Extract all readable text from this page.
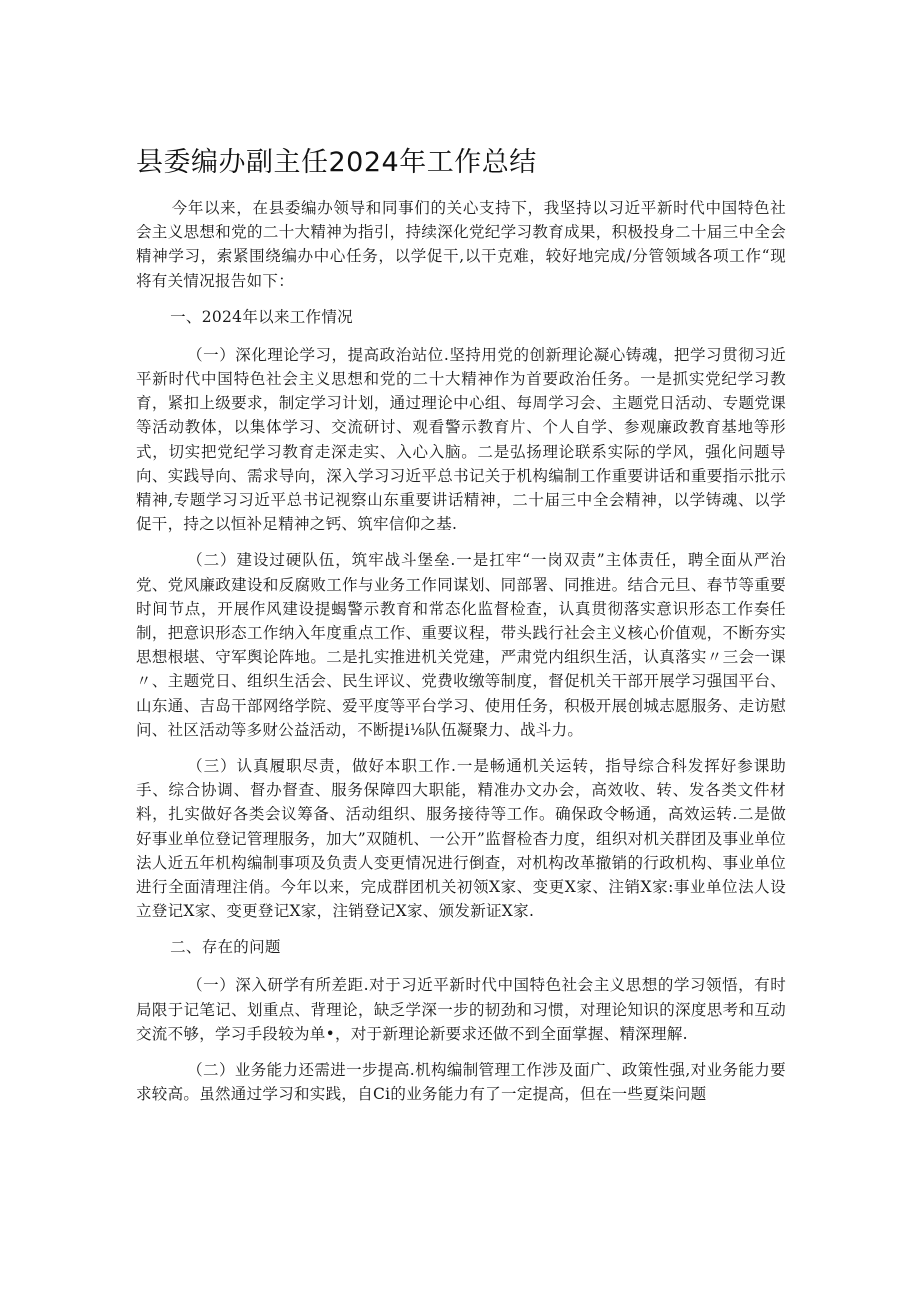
县委编办副主任2024年工作总结

今年以来，在县委编办领导和同事们的关心支持下，我坚持以习近平新时代中国特色社会主义思想和党的二十大精神为指引，持续深化党纪学习教育成果，积极投身二十届三中全会精神学习，索紧围绕编办中心任务，以学促干,以干克难，较好地完成/分管领域各项工作“现将有关情况报告如下：

一、2024年以来工作情况

（一）深化理论学习，提高政治站位.坚持用党的创新理论凝心铸魂，把学习贯彻习近平新时代中国特色社会主义思想和党的二十大精神作为首要政治任务。一是抓实党纪学习教育，紧扣上级要求，制定学习计划，通过理论中心组、每周学习会、主题党日活动、专题党课等活动教体，以集体学习、交流研讨、观看警示教育片、个人自学、参观廉政教育基地等形式，切实把党纪学习教育走深走实、入心入脑。二是弘扬理论联系实际的学风，强化问题导向、实践导向、需求导向，深入学习习近平总书记关于机构编制工作重要讲话和重要指示批示精神,专题学习习近平总书记视察山东重要讲话精神，二十届三中全会精神，以学铸魂、以学促干，持之以恒补足精神之钙、筑牢信仰之基.

（二）建设过硬队伍，筑牢战斗堡垒.一是扛牢“一岗双责”主体责任，聘全面从严治党、党风廉政建设和反腐败工作与业务工作同谋划、同部署、同推进。结合元旦、春节等重要时间节点，开展作风建设提蝎警示教育和常态化监督检查，认真贯彻落实意识形态工作奏任制，把意识形态工作纳入年度重点工作、重要议程，带头践行社会主义核心价值观，不断夯实思想根堪、守军舆论阵地。二是扎实推进机关党建，严肃党内组织生活，认真落实〃三会一课〃、主题党日、组织生活会、民生评议、党费收缴等制度，督促机关干部开展学习强国平台、山东通、吉岛干部网络学院、爱平度等平台学习、使用任务，积极开展创城志愿服务、走访慰问、社区活动等多财公益活动，不断提i⅛队伍凝聚力、战斗力。

（三）认真履职尽责，做好本职工作.一是畅通机关运转，指导综合科发挥好参课助手、综合协调、督办督查、服务保障四大职能，精准办文办会，高效收、转、发各类文件材料，扎实做好各类会议筹备、活动组织、服务接待等工作。确保政令畅通，高效运转.二是做好事业单位登记管理服务，加大”双随机、一公开”监督检杳力度，组织对机关群团及事业单位法人近五年机构编制事项及负责人变更情况进行倒查，对机构改革撤销的行政机构、事业单位进行全面清理注俏。今年以来，完成群团机关初领X家、变更X家、注销X家:事业单位法人设立登记X家、变更登记X家，注销登记X家、颁发新证X家.

二、存在的问题

（一）深入研学有所差距.对于习近平新时代中国特色社会主义思想的学习领悟，有时局限于记笔记、划重点、背理论，缺乏学深一步的韧劲和习惯，对理论知识的深度思考和互动交流不够，学习手段较为单•，对于新理论新要求还做不到全面掌握、精深理解.

（二）业务能力还需进一步提高.机构编制管理工作涉及面广、政策性强,对业务能力要求较高。虽然通过学习和实践，自Ci的业务能力有了一定提高，但在一些夏柒问题
